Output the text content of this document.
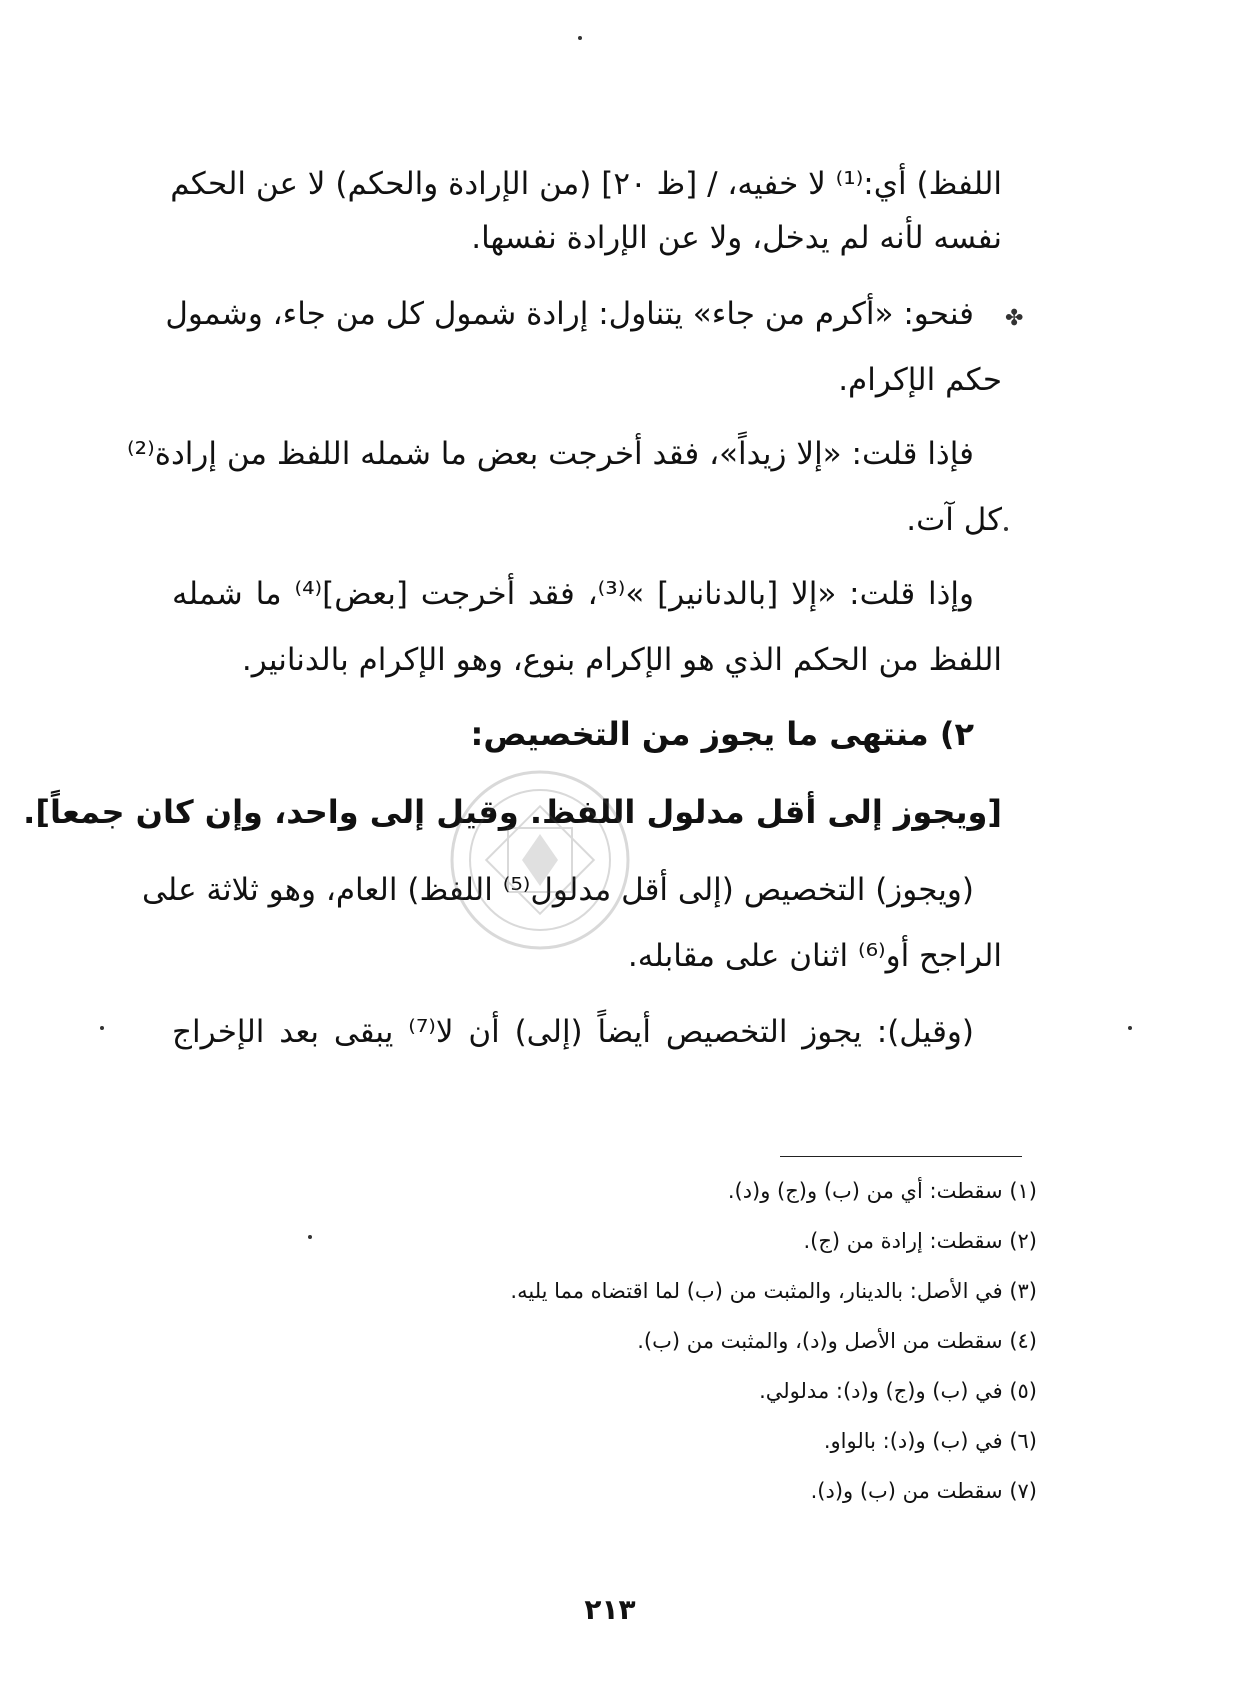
✤
اللفظ) أي:⁽¹⁾ لا خفيه، / [ظ ٢٠] (من الإرادة والحكم) لا عن الحكم
نفسه لأنه لم يدخل، ولا عن الإرادة نفسها.
فنحو: «أكرم من جاء» يتناول: إرادة شمول كل من جاء، وشمول
حكم الإكرام.
فإذا قلت: «إلا زيداً»، فقد أخرجت بعض ما شمله اللفظ من إرادة⁽²⁾
كل آت.
وإذا قلت: «إلا [بالدنانير] »⁽³⁾، فقد أخرجت [بعض]⁽⁴⁾ ما شمله
اللفظ من الحكم الذي هو الإكرام بنوع، وهو الإكرام بالدنانير.
٢) منتهى ما يجوز من التخصيص:
[ويجوز إلى أقل مدلول اللفظ. وقيل إلى واحد، وإن كان جمعاً].
(ويجوز) التخصيص (إلى أقل مدلول⁽⁵⁾ اللفظ) العام، وهو ثلاثة على
الراجح أو⁽⁶⁾ اثنان على مقابله.
(وقيل): يجوز التخصيص أيضاً (إلى) أن لا⁽⁷⁾ يبقى بعد الإخراج
(١) سقطت: أي من (ب) و(ج) و(د).
(٢) سقطت: إرادة من (ج).
(٣) في الأصل: بالدينار، والمثبت من (ب) لما اقتضاه مما يليه.
(٤) سقطت من الأصل و(د)، والمثبت من (ب).
(٥) في (ب) و(ج) و(د): مدلولي.
(٦) في (ب) و(د): بالواو.
(٧) سقطت من (ب) و(د).
٢١٣
